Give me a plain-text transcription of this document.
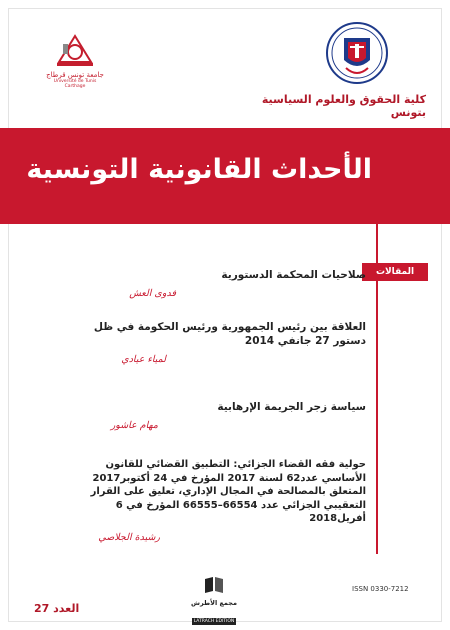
جامعة تونس قرطاج
Université de Tunis Carthage
كلية الحقوق والعلوم السياسية بتونس
الأحداث القانونية التونسية
المقالات
صلاحيات المحكمة الدستورية
فدوى العش
العلاقة بين رئيس الجمهورية ورئيس الحكومة في ظل دستور 27 جانفي 2014
لمياء عيادي
سياسة زجر الجريمة الإرهابية
مهام عاشور
حولية فقه القضاء الجزائي: التطبيق القضائي للقانون الأساسي عدد62 لسنة 2017 المؤرخ في 24 أكتوبر2017 المتعلق بالمصالحة في المجال الإداري، تعليق على القرار التعقيبي الجزائي عدد 66554–66555 المؤرخ في 6 أفريل2018
رشيدة الجلاصي
العدد 27	مجمع الأطرش
LATRACH EDITION
ISSN 0330-7212
